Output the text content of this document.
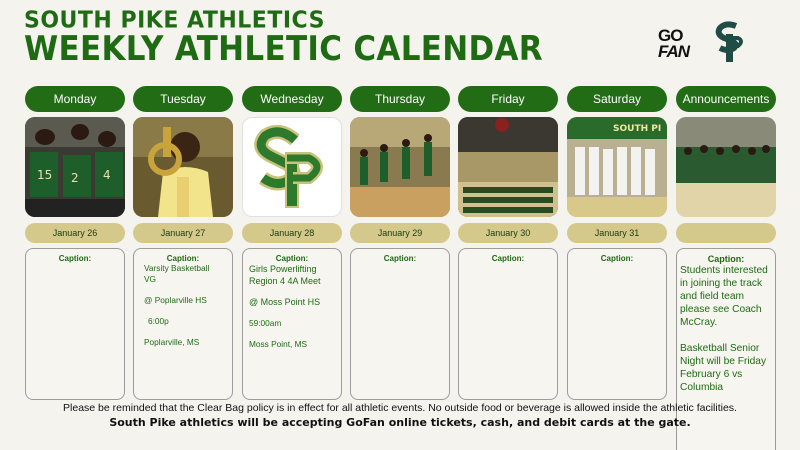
SOUTH PIKE ATHLETICS
WEEKLY ATHLETIC CALENDAR	GO
FAN
Monday
15 2 4
January 26
Caption:
Tuesday
January 27
Caption:
Varsity Basketball
VG
@ Poplarville HS
6:00p
Poplarville, MS
Wednesday
January 28
Caption:
Girls Powerlifting
Region 4 4A Meet
@ Moss Point HS
59:00am
Moss Point, MS
Thursday
January 29
Caption:
Friday
January 30
Caption:
Saturday
SOUTH PI
January 31
Caption:
Announcements
Caption:
Students interested in joining the track and field team please see Coach McCray.
Basketball Senior Night will be Friday February 6 vs Columbia
Please be reminded that the Clear Bag policy is in effect for all athletic events. No outside food or beverage is allowed inside the athletic facilities.
South Pike athletics will be accepting GoFan online tickets, cash, and debit cards at the gate.
